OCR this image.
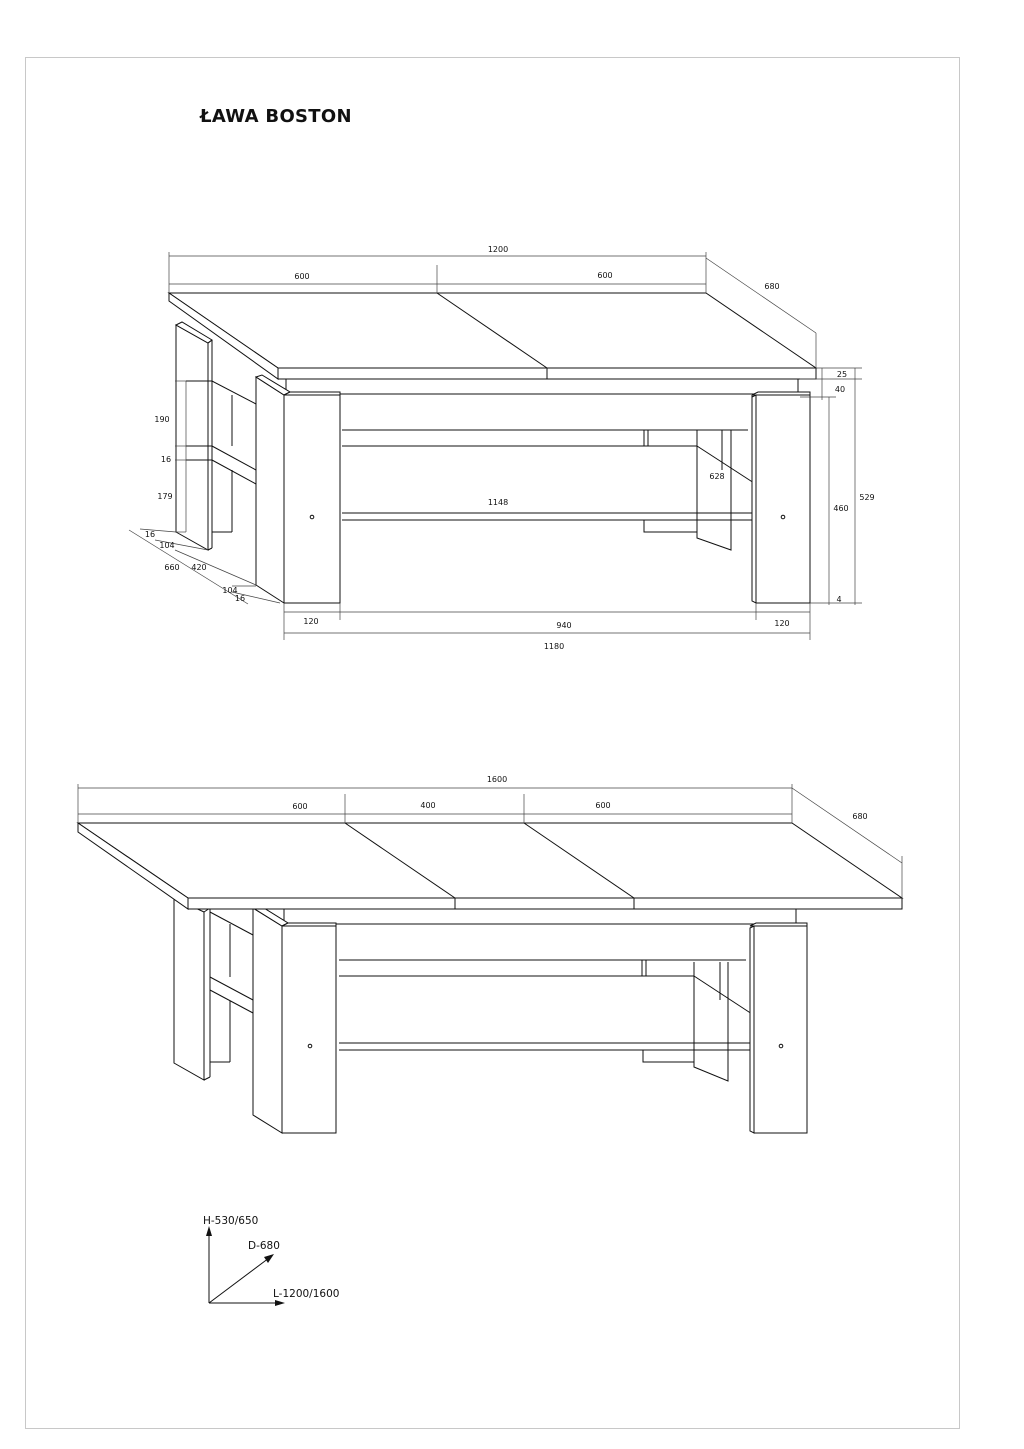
ŁAWA BOSTON
1200
600	600
680
25
40
460
529
4
628
1148
190
16
179
16
104
660 420
104
16
120	940	120
1180
1600
600	400	600
680
H-530/650
D-680
L-1200/1600
